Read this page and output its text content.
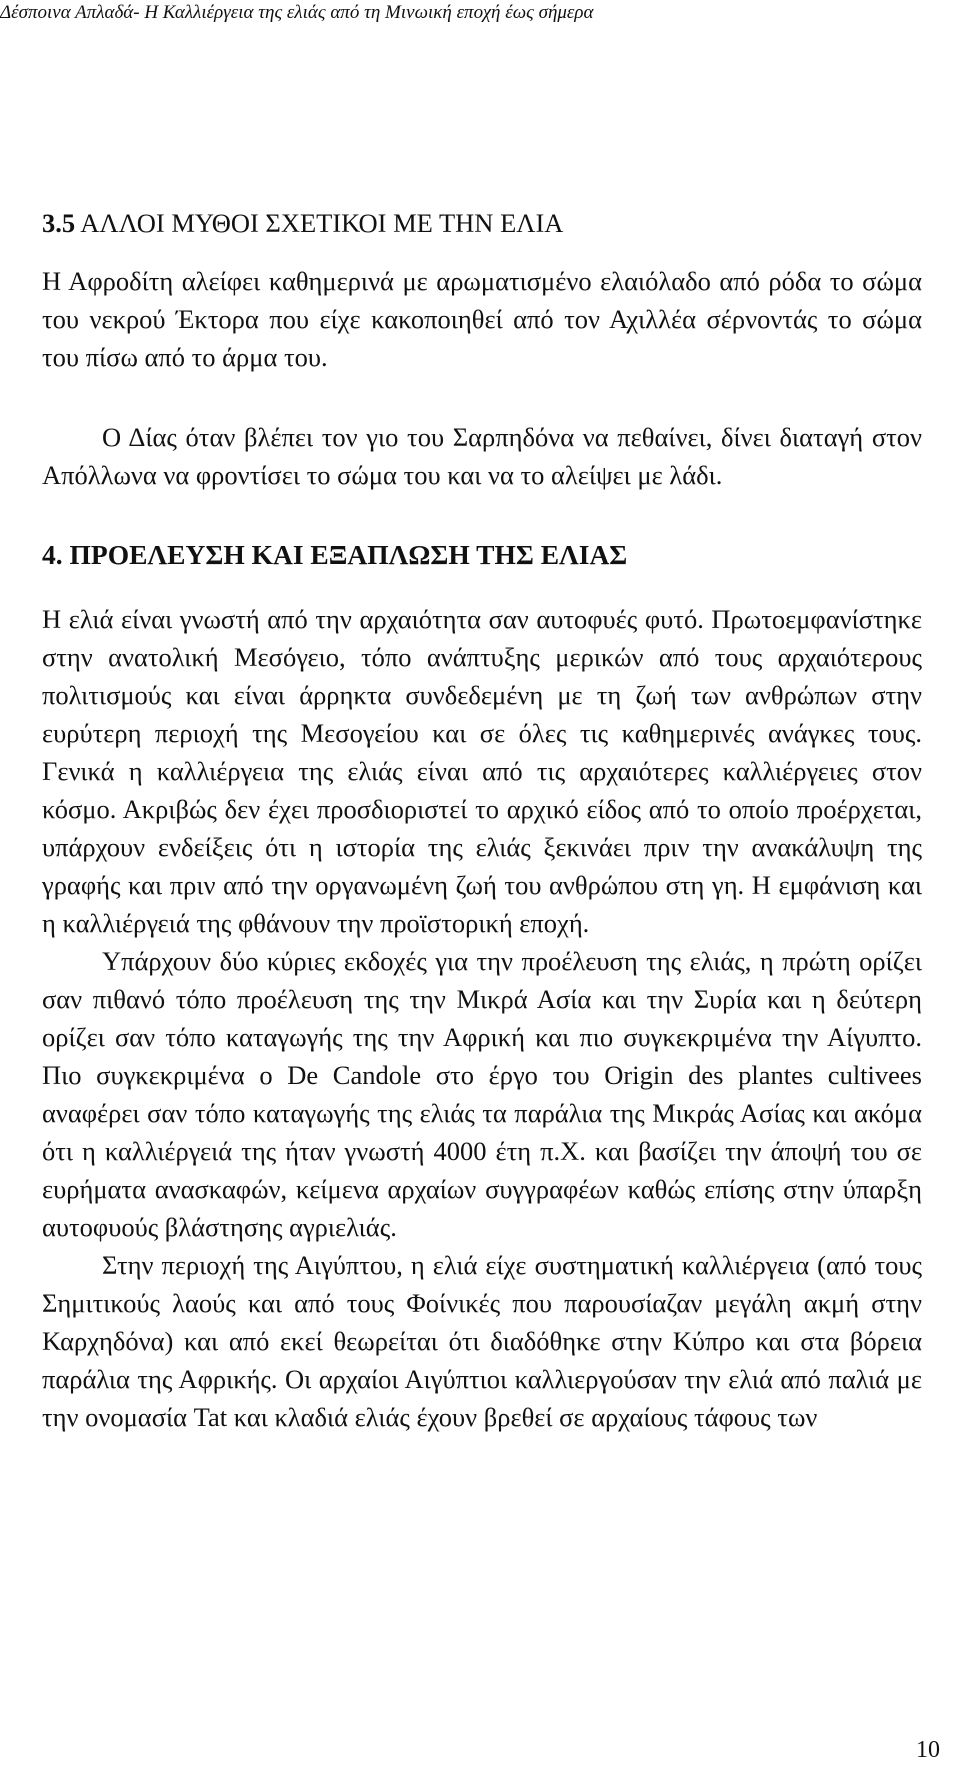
Δέσποινα Απλαδά- Η Καλλιέργεια της ελιάς από τη Μινωική εποχή έως σήμερα
3.5 ΑΛΛΟΙ ΜΥΘΟΙ ΣΧΕΤΙΚΟΙ ΜΕ ΤΗΝ ΕΛΙΑ

Η Αφροδίτη αλείφει καθημερινά με αρωματισμένο ελαιόλαδο από ρόδα το σώμα του νεκρού Έκτορα που είχε κακοποιηθεί από τον Αχιλλέα σέρνοντάς το σώμα του πίσω από το άρμα του.

Ο Δίας όταν βλέπει τον γιο του Σαρπηδόνα να πεθαίνει, δίνει διαταγή στον Απόλλωνα να φροντίσει το σώμα του και να το αλείψει με λάδι.

4. ΠΡΟΕΛΕΥΣΗ ΚΑΙ ΕΞΑΠΛΩΣΗ ΤΗΣ ΕΛΙΑΣ

Η ελιά είναι γνωστή από την αρχαιότητα σαν αυτοφυές φυτό. Πρωτοεμφανίστηκε στην ανατολική Μεσόγειο, τόπο ανάπτυξης μερικών από τους αρχαιότερους πολιτισμούς και είναι άρρηκτα συνδεδεμένη με τη ζωή των ανθρώπων στην ευρύτερη περιοχή της Μεσογείου και σε όλες τις καθημερινές ανάγκες τους. Γενικά η καλλιέργεια της ελιάς είναι από τις αρχαιότερες καλλιέργειες στον κόσμο. Ακριβώς δεν έχει προσδιοριστεί το αρχικό είδος από το οποίο προέρχεται, υπάρχουν ενδείξεις ότι η ιστορία της ελιάς ξεκινάει πριν την ανακάλυψη της γραφής και πριν από την οργανωμένη ζωή του ανθρώπου στη γη. Η εμφάνιση και η καλλιέργειά της φθάνουν την προϊστορική εποχή.

Υπάρχουν δύο κύριες εκδοχές για την προέλευση της ελιάς, η πρώτη ορίζει σαν πιθανό τόπο προέλευση της την Μικρά Ασία και την Συρία και η δεύτερη ορίζει σαν τόπο καταγωγής της την Αφρική και πιο συγκεκριμένα την Αίγυπτο. Πιο συγκεκριμένα ο De Candole στο έργο του Origin des plantes cultivees αναφέρει σαν τόπο καταγωγής της ελιάς τα παράλια της Μικράς Ασίας και ακόμα ότι η καλλιέργειά της ήταν γνωστή 4000 έτη π.Χ. και βασίζει την άποψή του σε ευρήματα ανασκαφών, κείμενα αρχαίων συγγραφέων καθώς επίσης στην ύπαρξη αυτοφυούς βλάστησης αγριελιάς.

Στην περιοχή της Αιγύπτου, η ελιά είχε συστηματική καλλιέργεια (από τους Σημιτικούς λαούς και από τους Φοίνικές που παρουσίαζαν μεγάλη ακμή στην Καρχηδόνα) και από εκεί θεωρείται ότι διαδόθηκε στην Κύπρο και στα βόρεια παράλια της Αφρικής. Οι αρχαίοι Αιγύπτιοι καλλιεργούσαν την ελιά από παλιά με την ονομασία Tat και κλαδιά ελιάς έχουν βρεθεί σε αρχαίους τάφους των

10
